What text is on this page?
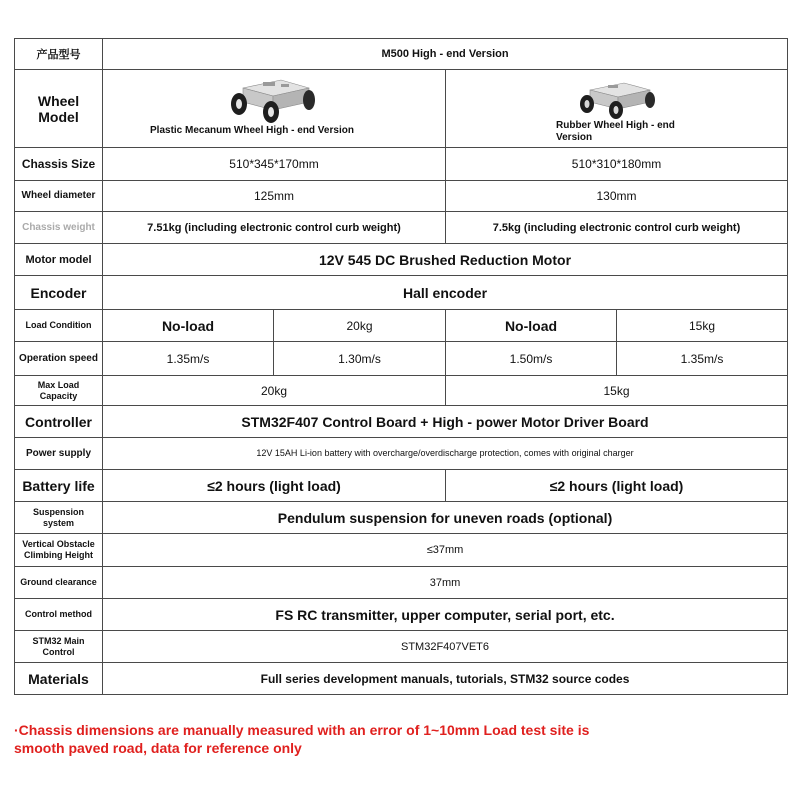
产品型号	M500 High - end Version			
Wheel Model	Plastic Mecanum Wheel High - end Version		Rubber Wheel High - end Version	

Chassis Size	510*345*170mm		510*310*180mm	
Wheel diameter	125mm		130mm	
Chassis weight	7.51kg (including electronic control curb weight)		7.5kg (including electronic control curb weight)	
Motor model	12V 545 DC Brushed Reduction Motor			
Encoder	Hall encoder			
Load Condition	No-load	20kg	No-load	15kg
Operation speed	1.35m/s	1.30m/s	1.50m/s	1.35m/s
Max Load Capacity	20kg		15kg	
Controller	STM32F407 Control Board + High - power Motor Driver Board			
Power supply	12V 15AH Li-ion battery with overcharge/overdischarge protection, comes with original charger			
Battery life	≤2 hours (light load)		≤2 hours (light load)	
Suspension system	Pendulum suspension for uneven roads (optional)			
Vertical Obstacle Climbing Height	≤37mm			
Ground clearance	37mm			
Control method	FS RC transmitter, upper computer, serial port, etc.			
STM32 Main Control	STM32F407VET6			
Materials	Full series development manuals, tutorials, STM32 source codes			
·Chassis dimensions are manually measured with an error of 1~10mm Load test site is smooth paved road, data for reference only
